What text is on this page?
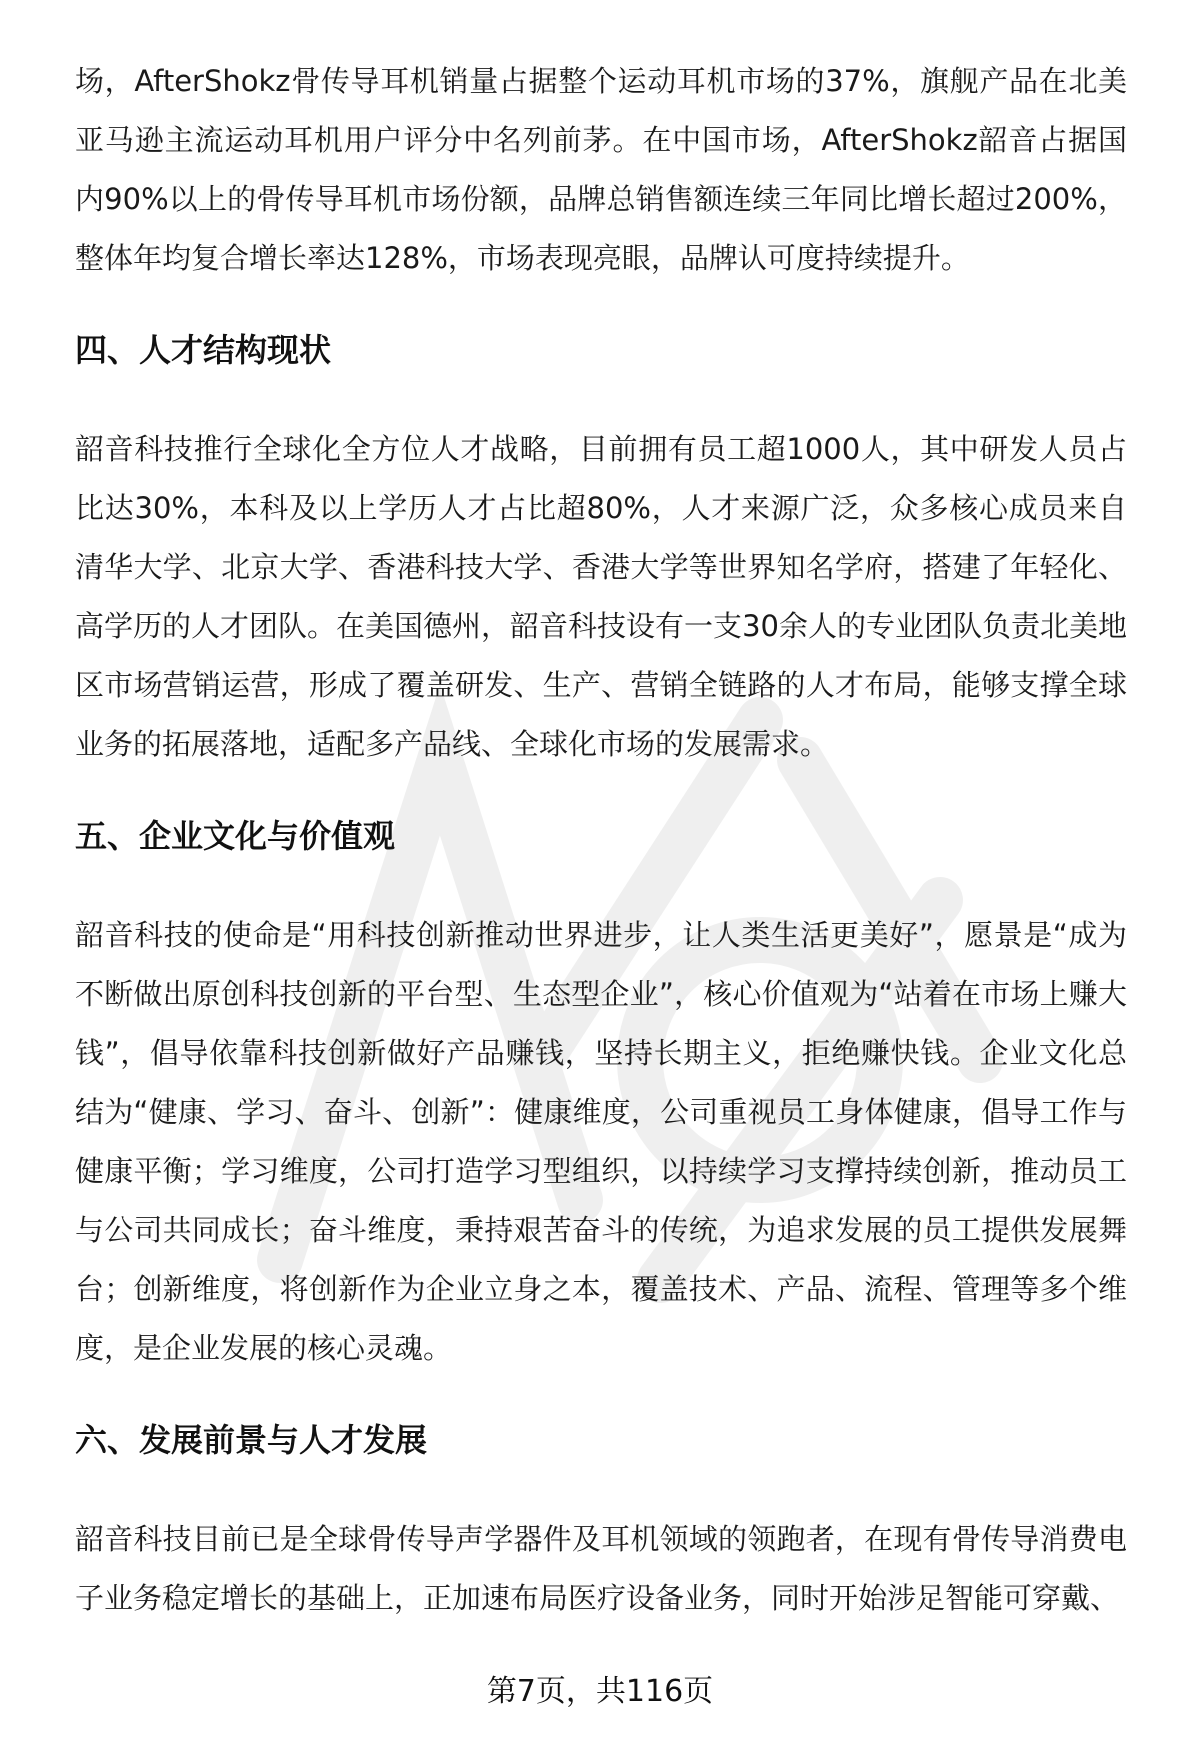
场，AfterShokz骨传导耳机销量占据整个运动耳机市场的37%，旗舰产品在北美亚马逊主流运动耳机用户评分中名列前茅。在中国市场，AfterShokz韶音占据国内90%以上的骨传导耳机市场份额，品牌总销售额连续三年同比增长超过200%，整体年均复合增长率达128%，市场表现亮眼，品牌认可度持续提升。

四、人才结构现状

韶音科技推行全球化全方位人才战略，目前拥有员工超1000人，其中研发人员占比达30%，本科及以上学历人才占比超80%，人才来源广泛，众多核心成员来自清华大学、北京大学、香港科技大学、香港大学等世界知名学府，搭建了年轻化、高学历的人才团队。在美国德州，韶音科技设有一支30余人的专业团队负责北美地区市场营销运营，形成了覆盖研发、生产、营销全链路的人才布局，能够支撑全球业务的拓展落地，适配多产品线、全球化市场的发展需求。

五、企业文化与价值观

韶音科技的使命是“用科技创新推动世界进步，让人类生活更美好”，愿景是“成为不断做出原创科技创新的平台型、生态型企业”，核心价值观为“站着在市场上赚大钱”，倡导依靠科技创新做好产品赚钱，坚持长期主义，拒绝赚快钱。企业文化总结为“健康、学习、奋斗、创新”：健康维度，公司重视员工身体健康，倡导工作与健康平衡；学习维度，公司打造学习型组织，以持续学习支撑持续创新，推动员工与公司共同成长；奋斗维度，秉持艰苦奋斗的传统，为追求发展的员工提供发展舞台；创新维度，将创新作为企业立身之本，覆盖技术、产品、流程、管理等多个维度，是企业发展的核心灵魂。

六、发展前景与人才发展

韶音科技目前已是全球骨传导声学器件及耳机领域的领跑者，在现有骨传导消费电子业务稳定增长的基础上，正加速布局医疗设备业务，同时开始涉足智能可穿戴、

第7页，共116页
